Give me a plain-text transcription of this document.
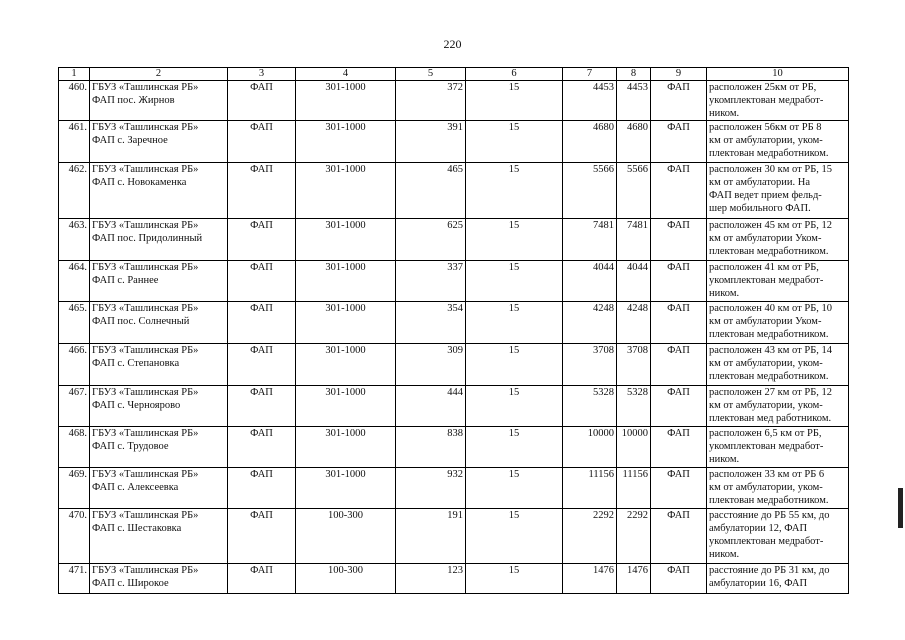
220
1	2	3	4	5	6	7	8	9	10
460.	ГБУЗ «Ташлинская РБ»
ФАП пос. Жирнов	ФАП	301-1000	372	15	4453	4453	ФАП	расположен 25км от РБ,
укомплектован медработ-
ником.

461.	ГБУЗ «Ташлинская РБ»
ФАП с. Заречное	ФАП	301-1000	391	15	4680	4680	ФАП	расположен 56км от РБ 8
км от амбулатории, уком-
плектован медработником.

462.	ГБУЗ «Ташлинская РБ»
ФАП с. Новокаменка	ФАП	301-1000	465	15	5566	5566	ФАП	расположен 30 км от РБ, 15
км от амбулатории. На
ФАП ведет прием фельд-
шер мобильного ФАП.

463.	ГБУЗ «Ташлинская РБ»
ФАП пос. Придолинный	ФАП	301-1000	625	15	7481	7481	ФАП	расположен 45 км от РБ, 12
км от амбулатории Уком-
плектован медработником.

464.	ГБУЗ «Ташлинская РБ»
ФАП с. Раннее	ФАП	301-1000	337	15	4044	4044	ФАП	расположен 41 км от РБ,
укомплектован медработ-
ником.

465.	ГБУЗ «Ташлинская РБ»
ФАП пос. Солнечный	ФАП	301-1000	354	15	4248	4248	ФАП	расположен 40 км от РБ, 10
км от амбулатории Уком-
плектован медработником.

466.	ГБУЗ «Ташлинская РБ»
ФАП с. Степановка	ФАП	301-1000	309	15	3708	3708	ФАП	расположен 43 км от РБ, 14
км от амбулатории, уком-
плектован медработником.

467.	ГБУЗ «Ташлинская РБ»
ФАП с. Черноярово	ФАП	301-1000	444	15	5328	5328	ФАП	расположен 27 км от РБ, 12
км от амбулатории, уком-
плектован мед работником.

468.	ГБУЗ «Ташлинская РБ»
ФАП с. Трудовое	ФАП	301-1000	838	15	10000	10000	ФАП	расположен 6,5 км от РБ,
укомплектован медработ-
ником.

469.	ГБУЗ «Ташлинская РБ»
ФАП с. Алексеевка	ФАП	301-1000	932	15	11156	11156	ФАП	расположен 33 км от РБ 6
км от амбулатории, уком-
плектован медработником.

470.	ГБУЗ «Ташлинская РБ»
ФАП с. Шестаковка	ФАП	100-300	191	15	2292	2292	ФАП	расстояние до РБ 55 км, до
амбулатории 12, ФАП
укомплектован медработ-
ником.

471.	ГБУЗ «Ташлинская РБ»
ФАП с. Широкое	ФАП	100-300	123	15	1476	1476	ФАП	расстояние до РБ 31 км, до
амбулатории 16, ФАП
